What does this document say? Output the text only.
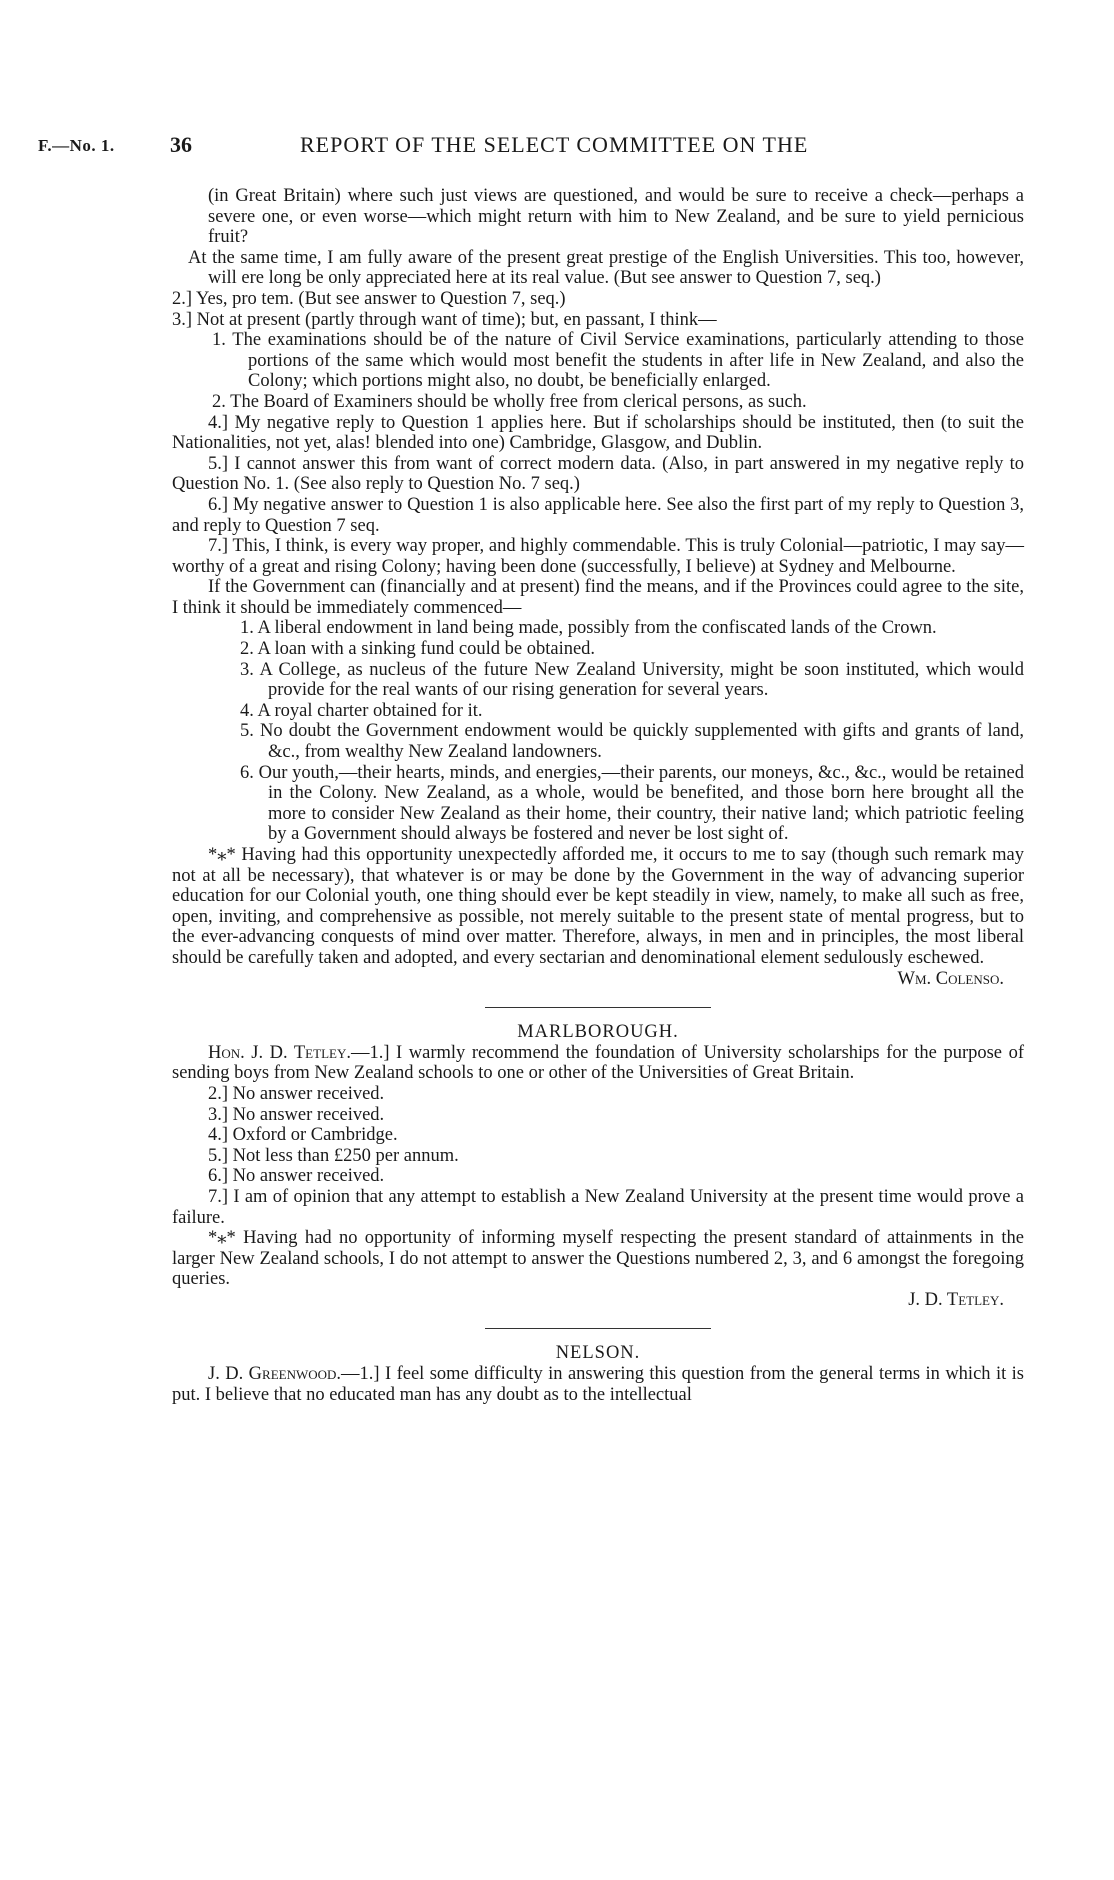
F.—No. 1.	36	REPORT OF THE SELECT COMMITTEE ON THE

(in Great Britain) where such just views are questioned, and would be sure to receive a check—perhaps a severe one, or even worse—which might return with him to New Zealand, and be sure to yield pernicious fruit?

At the same time, I am fully aware of the present great prestige of the English Universities. This too, however, will ere long be only appreciated here at its real value. (But see answer to Question 7, seq.)

2.] Yes, pro tem. (But see answer to Question 7, seq.)

3.] Not at present (partly through want of time); but, en passant, I think—

1. The examinations should be of the nature of Civil Service examinations, particularly attending to those portions of the same which would most benefit the students in after life in New Zealand, and also the Colony; which portions might also, no doubt, be beneficially enlarged.

2. The Board of Examiners should be wholly free from clerical persons, as such.

4.] My negative reply to Question 1 applies here. But if scholarships should be instituted, then (to suit the Nationalities, not yet, alas! blended into one) Cambridge, Glasgow, and Dublin.

5.] I cannot answer this from want of correct modern data. (Also, in part answered in my negative reply to Question No. 1. (See also reply to Question No. 7 seq.)

6.] My negative answer to Question 1 is also applicable here. See also the first part of my reply to Question 3, and reply to Question 7 seq.

7.] This, I think, is every way proper, and highly commendable. This is truly Colonial—patriotic, I may say—worthy of a great and rising Colony; having been done (successfully, I believe) at Sydney and Melbourne.

If the Government can (financially and at present) find the means, and if the Provinces could agree to the site, I think it should be immediately commenced—

1. A liberal endowment in land being made, possibly from the confiscated lands of the Crown.

2. A loan with a sinking fund could be obtained.

3. A College, as nucleus of the future New Zealand University, might be soon instituted, which would provide for the real wants of our rising generation for several years.

4. A royal charter obtained for it.

5. No doubt the Government endowment would be quickly supplemented with gifts and grants of land, &c., from wealthy New Zealand landowners.

6. Our youth,—their hearts, minds, and energies,—their parents, our moneys, &c., &c., would be retained in the Colony. New Zealand, as a whole, would be benefited, and those born here brought all the more to consider New Zealand as their home, their country, their native land; which patriotic feeling by a Government should always be fostered and never be lost sight of.

*⁎* Having had this opportunity unexpectedly afforded me, it occurs to me to say (though such remark may not at all be necessary), that whatever is or may be done by the Government in the way of advancing superior education for our Colonial youth, one thing should ever be kept steadily in view, namely, to make all such as free, open, inviting, and comprehensive as possible, not merely suitable to the present state of mental progress, but to the ever-advancing conquests of mind over matter. Therefore, always, in men and in principles, the most liberal should be carefully taken and adopted, and every sectarian and denominational element sedulously eschewed.

Wm. Colenso.

MARLBOROUGH.

Hon. J. D. Tetley.—1.] I warmly recommend the foundation of University scholarships for the purpose of sending boys from New Zealand schools to one or other of the Universities of Great Britain.

2.] No answer received.

3.] No answer received.

4.] Oxford or Cambridge.

5.] Not less than £250 per annum.

6.] No answer received.

7.] I am of opinion that any attempt to establish a New Zealand University at the present time would prove a failure.

*⁎* Having had no opportunity of informing myself respecting the present standard of attainments in the larger New Zealand schools, I do not attempt to answer the Questions numbered 2, 3, and 6 amongst the foregoing queries.

J. D. Tetley.

NELSON.

J. D. Greenwood.—1.] I feel some difficulty in answering this question from the general terms in which it is put. I believe that no educated man has any doubt as to the intellectual
